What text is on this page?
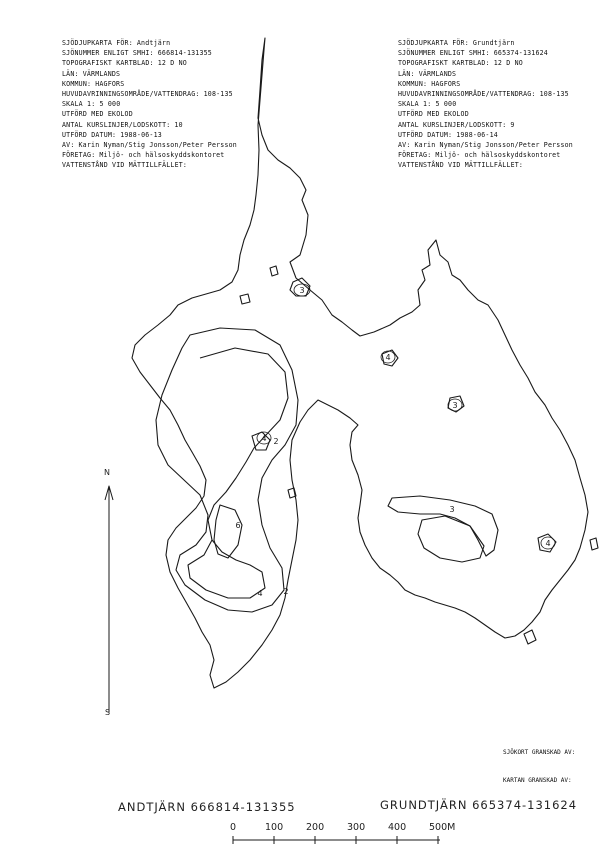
SJÖDJUPKARTA FÖR: Andtjärn
SJÖNUMMER ENLIGT SMHI: 666814-131355
TOPOGRAFISKT KARTBLAD: 12 D NO
LÄN: VÄRMLANDS
KOMMUN: HAGFORS
HUVUDAVRINNINGSOMRÅDE/VATTENDRAG: 108-135
SKALA 1: 5 000
UTFÖRD MED EKOLOD
ANTAL KURSLINJER/LODSKOTT: 10
UTFÖRD DATUM: 1988-06-13
AV: Karin Nyman/Stig Jonsson/Peter Persson
FÖRETAG: Miljö- och hälsoskyddskontoret
VATTENSTÅND VID MÄTTILLFÄLLET:
SJÖDJUPKARTA FÖR: Grundtjärn
SJÖNUMMER ENLIGT SMHI: 665374-131624
TOPOGRAFISKT KARTBLAD: 12 D NO
LÄN: VÄRMLANDS
KOMMUN: HAGFORS
HUVUDAVRINNINGSOMRÅDE/VATTENDRAG: 108-135
SKALA 1: 5 000
UTFÖRD MED EKOLOD
ANTAL KURSLINJER/LODSKOTT: 9
UTFÖRD DATUM: 1988-06-14
AV: Karin Nyman/Stig Jonsson/Peter Persson
FÖRETAG: Miljö- och hälsoskyddskontoret
VATTENSTÅND VID MÄTTILLFÄLLET:
3
4 2
6
4	2
4
3
3
4
N
S
ANDTJÄRN 666814-131355	GRUNDTJÄRN 665374-131624
SJÖKORT GRANSKAD AV:
KARTAN GRANSKAD AV:
0	100 200 300 400 500M
